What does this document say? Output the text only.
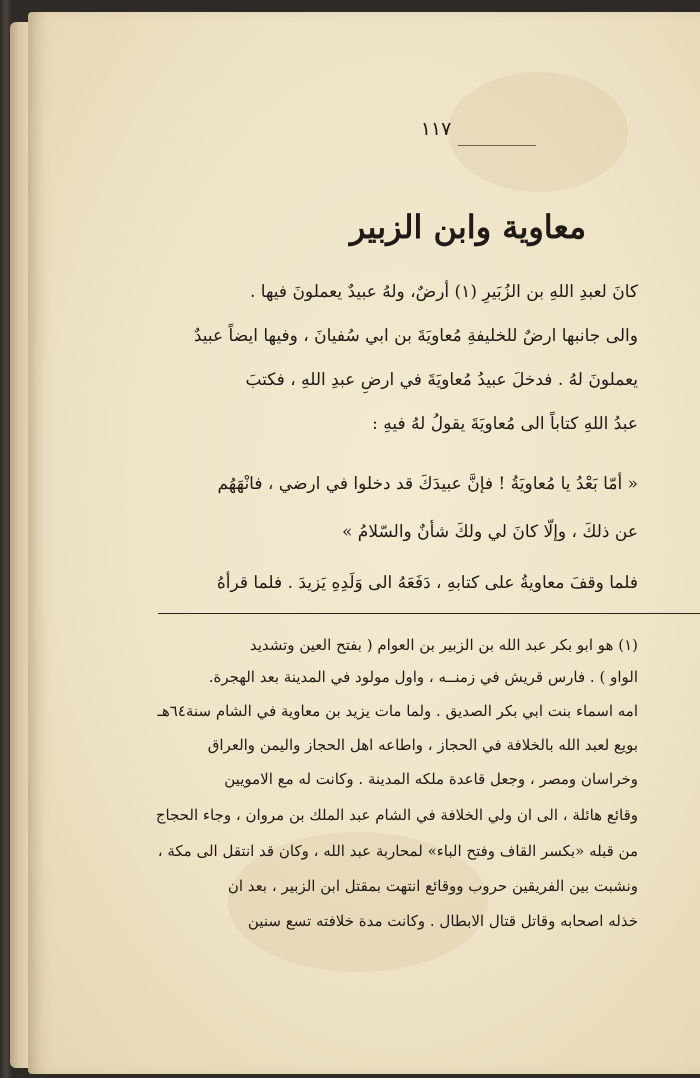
١١٧
معاوية وابن الزبير
كانَ لعبدِ اللهِ بن الزُبَيرِ (١) أرضٌ، ولهُ عبيدٌ يعملونَ فيها .
والى جانبها ارضٌ للخليفةِ مُعاويَةَ بن ابي سُفيانَ ، وفيها ايضاً عبيدٌ
يعملونَ لهُ . فدخلَ عبيدُ مُعاويَةَ في ارضِ عبدِ اللهِ ، فكتبَ
عبدُ اللهِ كتاباً الى مُعاويَةَ يقولُ لهُ فيهِ :
« أمّا بَعْدُ يا مُعاويَةُ ! فإنَّ عبيدَكَ قد دخلوا في ارضي ، فانْهَهُم
عن ذلكَ ، وإلّا كانَ لي ولكَ شأنٌ والسّلامُ »
فلما وقفَ معاويةُ على كتابهِ ، دَفَعَهُ الى وَلَدِهِ يَزيدَ . فلما قرأهُ
(١) هو ابو بكر عبد الله بن الزبير بن العوام ( بفتح العين وتشديد
الواو ) . فارس قريش في زمنــه ، واول مولود في المدينة بعد الهجرة.
امه اسماء بنت ابي بكر الصديق . ولما مات يزيد بن معاوية في الشام سنة٦٤هـ
بويع لعبد الله بالخلافة في الحجاز ، واطاعه اهل الحجاز واليمن والعراق
وخراسان ومصر ، وجعل قاعدة ملكه المدينة . وكانت له مع الامويين
وقائع هائلة ، الى ان ولي الخلافة في الشام عبد الملك بن مروان ، وجاء الحجاج
من قبله «بكسر القاف وفتح الباء» لمحاربة عبد الله ، وكان قد انتقل الى مكة ،
ونشبت بين الفريقين حروب ووقائع انتهت بمقتل ابن الزبير ، بعد ان
خذله اصحابه وقاتل قتال الابطال . وكانت مدة خلافته تسع سنين
